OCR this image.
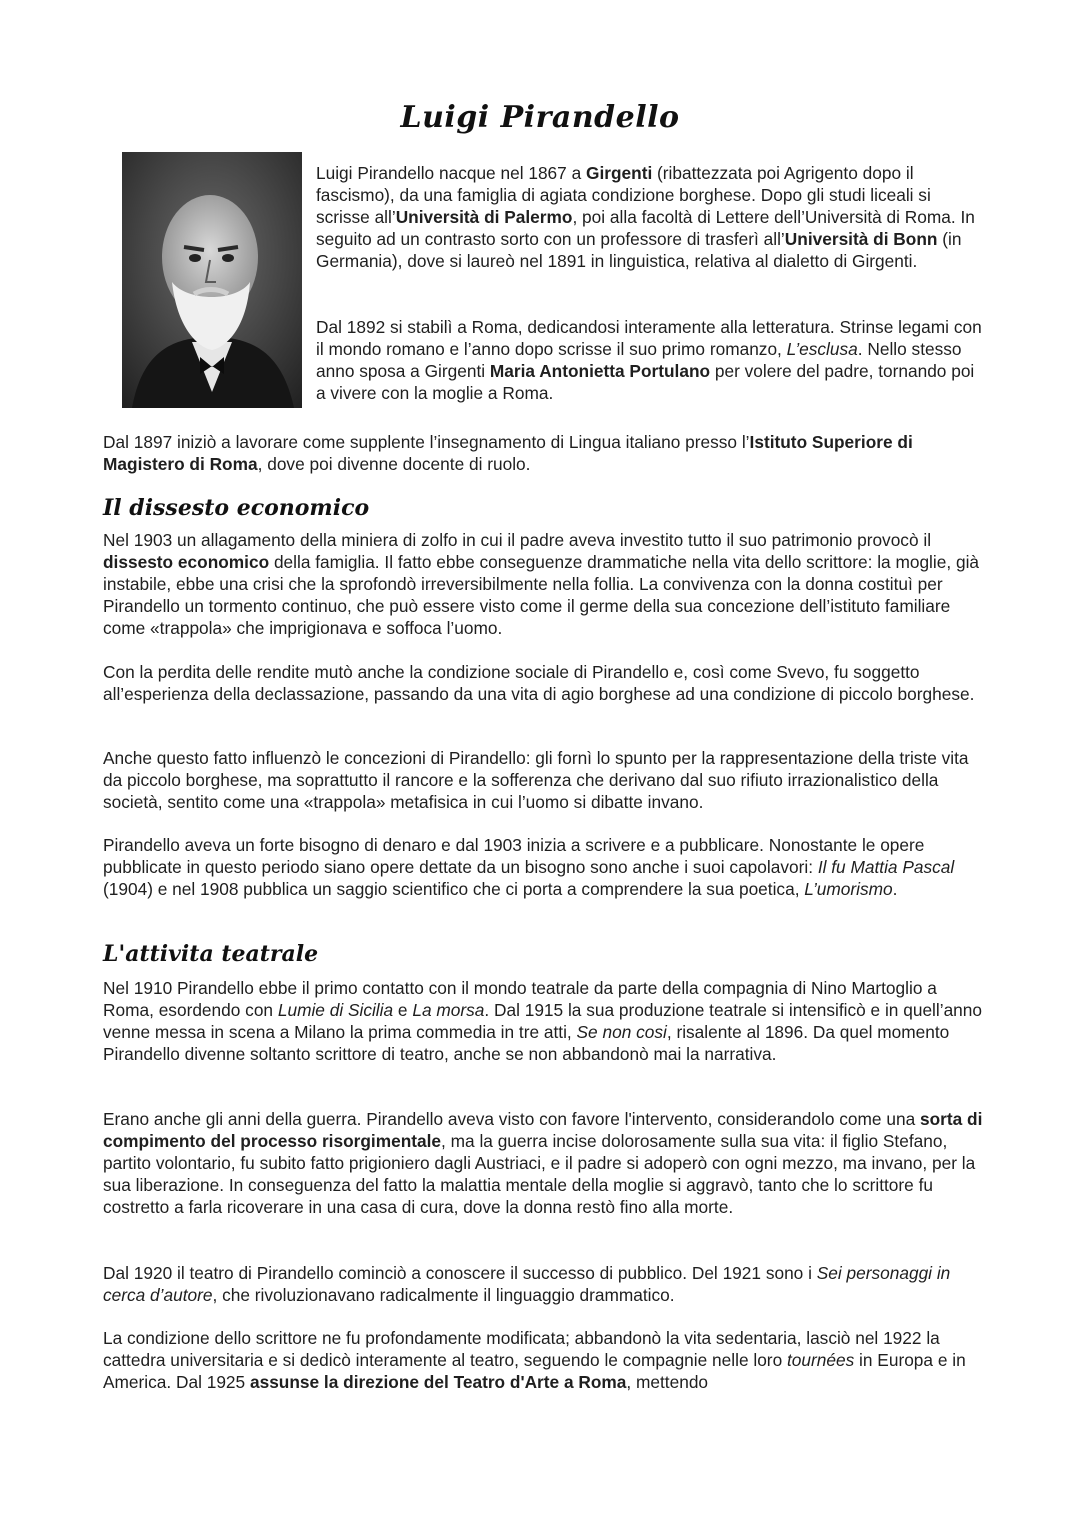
Luigi Pirandello

Luigi Pirandello nacque nel 1867 a Girgenti (ribattezzata poi Agrigento dopo il fascismo), da una famiglia di agiata condizione borghese. Dopo gli studi liceali si scrisse all’Università di Palermo, poi alla facoltà di Lettere dell’Università di Roma. In seguito ad un contrasto sorto con un professore di trasferì all’Università di Bonn (in Germania), dove si laureò nel 1891 in linguistica, relativa al dialetto di Girgenti.

Dal 1892 si stabilì a Roma, dedicandosi interamente alla letteratura. Strinse legami con il mondo romano e l’anno dopo scrisse il suo primo romanzo, L’esclusa. Nello stesso anno sposa a Girgenti Maria Antonietta Portulano per volere del padre, tornando poi a vivere con la moglie a Roma.

Dal 1897 iniziò a lavorare come supplente l’insegnamento di Lingua italiano presso l’Istituto Superiore di Magistero di Roma, dove poi divenne docente di ruolo.

Il dissesto economico

Nel 1903 un allagamento della miniera di zolfo in cui il padre aveva investito tutto il suo patrimonio provocò il dissesto economico della famiglia. Il fatto ebbe conseguenze drammatiche nella vita dello scrittore: la moglie, già instabile, ebbe una crisi che la sprofondò irreversibilmente nella follia. La convivenza con la donna costituì per Pirandello un tormento continuo, che può essere visto come il germe della sua concezione dell’istituto familiare come «trappola» che imprigionava e soffoca l’uomo.

Con la perdita delle rendite mutò anche la condizione sociale di Pirandello e, così come Svevo, fu soggetto all’esperienza della declassazione, passando da una vita di agio borghese ad una condizione di piccolo borghese.

Anche questo fatto influenzò le concezioni di Pirandello: gli fornì lo spunto per la rappresentazione della triste vita da piccolo borghese, ma soprattutto il rancore e la sofferenza che derivano dal suo rifiuto irrazionalistico della società, sentito come una «trappola» metafisica in cui l’uomo si dibatte invano.

Pirandello aveva un forte bisogno di denaro e dal 1903 inizia a scrivere e a pubblicare. Nonostante le opere pubblicate in questo periodo siano opere dettate da un bisogno sono anche i suoi capolavori: Il fu Mattia Pascal (1904) e nel 1908 pubblica un saggio scientifico che ci porta a comprendere la sua poetica, L’umorismo.

L'attivita teatrale

Nel 1910 Pirandello ebbe il primo contatto con il mondo teatrale da parte della compagnia di Nino Martoglio a Roma, esordendo con Lumie di Sicilia e La morsa. Dal 1915 la sua produzione teatrale si intensificò e in quell’anno venne messa in scena a Milano la prima commedia in tre atti, Se non cosi, risalente al 1896. Da quel momento Pirandello divenne soltanto scrittore di teatro, anche se non abbandonò mai la narrativa.

Erano anche gli anni della guerra. Pirandello aveva visto con favore l'intervento, considerandolo come una sorta di compimento del processo risorgimentale, ma la guerra incise dolorosamente sulla sua vita: il figlio Stefano, partito volontario, fu subito fatto prigioniero dagli Austriaci, e il padre si adoperò con ogni mezzo, ma invano, per la sua liberazione. In conseguenza del fatto la malattia mentale della moglie si aggravò, tanto che lo scrittore fu costretto a farla ricoverare in una casa di cura, dove la donna restò fino alla morte.

Dal 1920 il teatro di Pirandello cominciò a conoscere il successo di pubblico. Del 1921 sono i Sei personaggi in cerca d’autore, che rivoluzionavano radicalmente il linguaggio drammatico.

La condizione dello scrittore ne fu profondamente modificata; abbandonò la vita sedentaria, lasciò nel 1922 la cattedra universitaria e si dedicò interamente al teatro, seguendo le compagnie nelle loro tournées in Europa e in America. Dal 1925 assunse la direzione del Teatro d'Arte a Roma, mettendo
